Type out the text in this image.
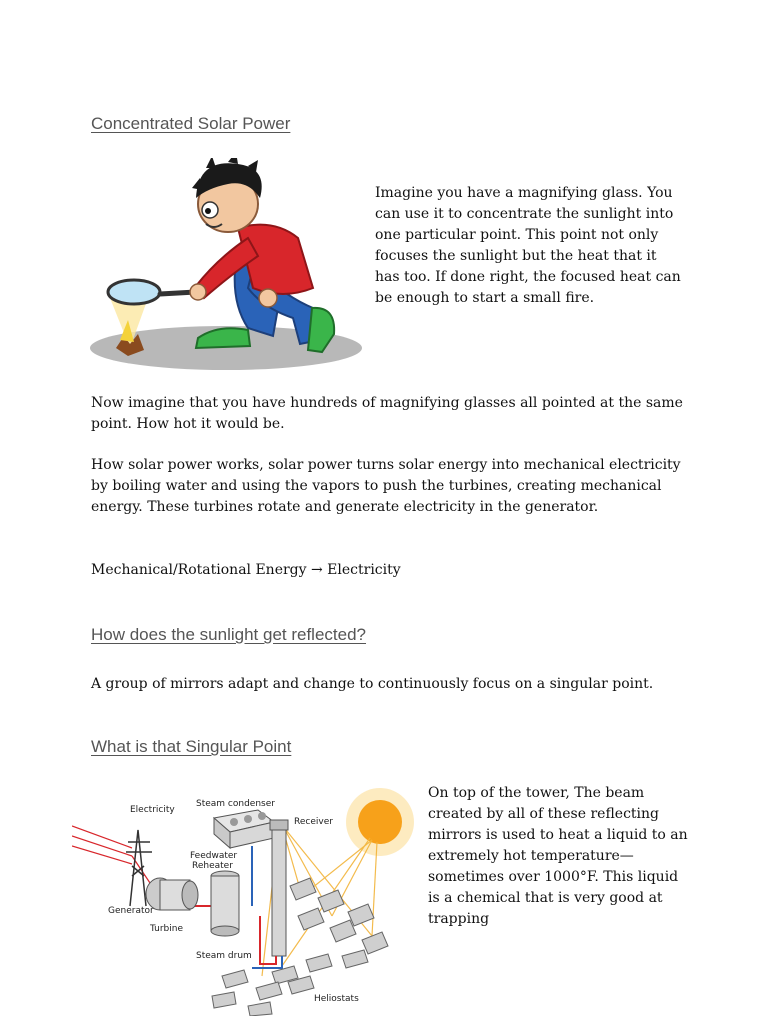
Concentrated Solar Power

Imagine you have a magnifying glass. You can use it to concentrate the sunlight into one particular point. This point not only focuses the sunlight but the heat that it has too. If done right, the focused heat can be enough to start a small fire.

Now imagine that you have hundreds of magnifying glasses all pointed at the same point. How hot it would be.

How solar power works, solar power turns solar energy into mechanical electricity by boiling water and using the vapors to push the turbines, creating mechanical energy. These turbines rotate and generate electricity in the generator.

Mechanical/Rotational Energy → Electricity

How does the sunlight get reflected?

A group of mirrors adapt and change to continuously focus on a singular point.

What is that Singular Point
Electricity
Steam condenser
Receiver
Feedwater
Reheater
Generator
Turbine
Steam drum
Heliostats

On top of the tower, The beam created by all of these reflecting mirrors is used to heat a liquid to an extremely hot temperature—sometimes over 1000°F. This liquid is a chemical that is very good at trapping
